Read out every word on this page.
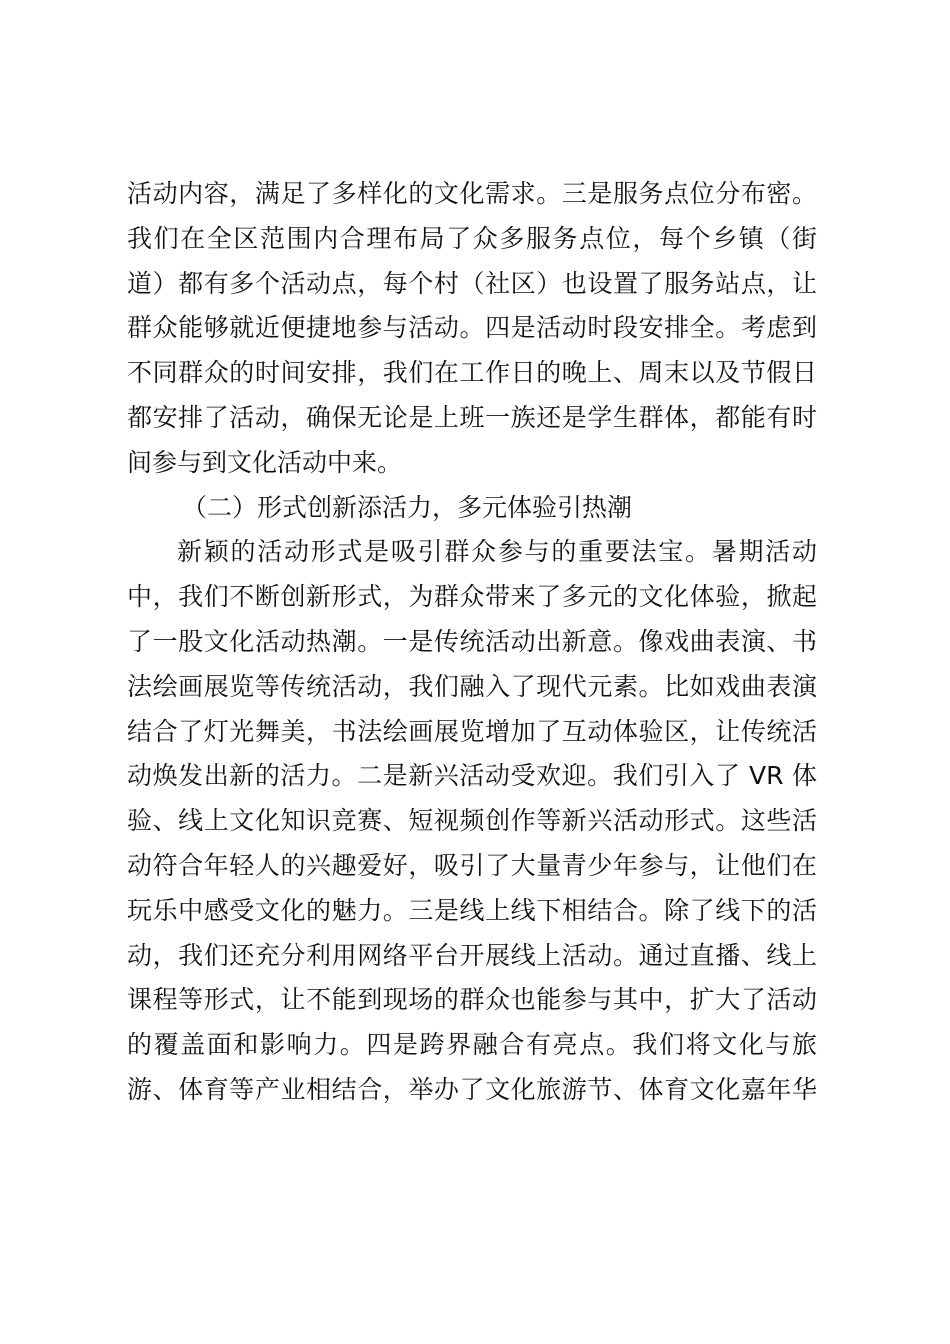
活动内容，满足了多样化的文化需求。三是服务点位分布密。
我们在全区范围内合理布局了众多服务点位，每个乡镇（街
道）都有多个活动点，每个村（社区）也设置了服务站点，让
群众能够就近便捷地参与活动。四是活动时段安排全。考虑到
不同群众的时间安排，我们在工作日的晚上、周末以及节假日
都安排了活动，确保无论是上班一族还是学生群体，都能有时
间参与到文化活动中来。
（二）形式创新添活力，多元体验引热潮
新颖的活动形式是吸引群众参与的重要法宝。暑期活动
中，我们不断创新形式，为群众带来了多元的文化体验，掀起
了一股文化活动热潮。一是传统活动出新意。像戏曲表演、书
法绘画展览等传统活动，我们融入了现代元素。比如戏曲表演
结合了灯光舞美，书法绘画展览增加了互动体验区，让传统活
动焕发出新的活力。二是新兴活动受欢迎。我们引入了 VR 体
验、线上文化知识竞赛、短视频创作等新兴活动形式。这些活
动符合年轻人的兴趣爱好，吸引了大量青少年参与，让他们在
玩乐中感受文化的魅力。三是线上线下相结合。除了线下的活
动，我们还充分利用网络平台开展线上活动。通过直播、线上
课程等形式，让不能到现场的群众也能参与其中，扩大了活动
的覆盖面和影响力。四是跨界融合有亮点。我们将文化与旅
游、体育等产业相结合，举办了文化旅游节、体育文化嘉年华
